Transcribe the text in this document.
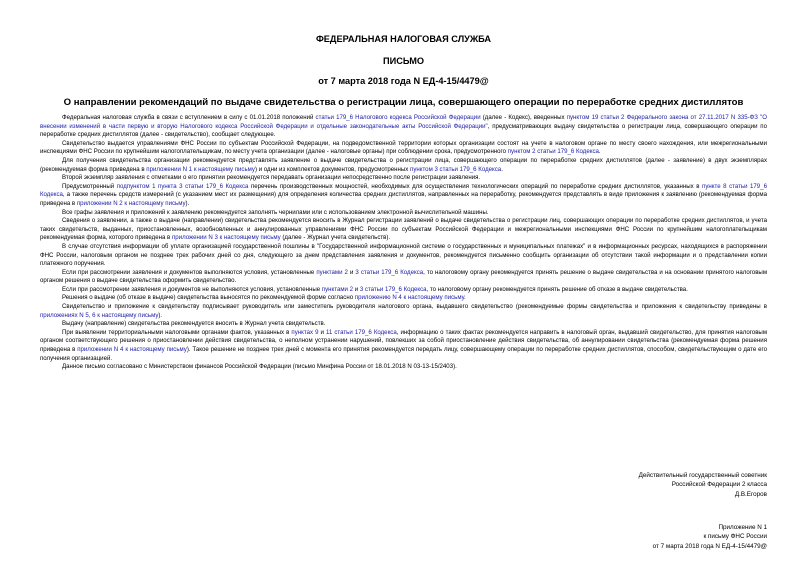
ФЕДЕРАЛЬНАЯ НАЛОГОВАЯ СЛУЖБА
ПИСЬМО
от 7 марта 2018 года N ЕД-4-15/4479@
О направлении рекомендаций по выдаче свидетельства о регистрации лица, совершающего операции по переработке средних дистиллятов

Федеральная налоговая служба в связи с вступлением в силу с 01.01.2018 положений статьи 179_6 Налогового кодекса Российской Федерации (далее - Кодекс), введенных пунктом 19 статьи 2 Федерального закона от 27.11.2017 N 335-ФЗ "О внесении изменений в части первую и вторую Налогового кодекса Российской Федерации и отдельные законодательные акты Российской Федерации", предусматривающих выдачу свидетельства о регистрации лица, совершающего операции по переработке средних дистиллятов (далее - свидетельство), сообщает следующее.

Свидетельство выдается управлениями ФНС России по субъектам Российской Федерации, на подведомственной территории которых организации состоят на учете в налоговом органе по месту своего нахождения, или межрегиональными инспекциями ФНС России по крупнейшим налогоплательщикам, по месту учета организации (далее - налоговые органы) при соблюдении срока, предусмотренного пунктом 2 статьи 179_6 Кодекса.

Для получения свидетельства организации рекомендуется представлять заявление о выдаче свидетельства о регистрации лица, совершающего операции по переработке средних дистиллятов (далее - заявление) в двух экземплярах (рекомендуемая форма приведена в приложении N 1 к настоящему письму) и одни из комплектов документов, предусмотренных пунктом 3 статьи 179_6 Кодекса.

Второй экземпляр заявления с отметками о его принятии рекомендуется передавать организации непосредственно после регистрации заявления.

Предусмотренный подпунктом 1 пункта 3 статьи 179_6 Кодекса перечень производственных мощностей, необходимых для осуществления технологических операций по переработке средних дистиллятов, указанных в пункте 8 статьи 179_6 Кодекса, а также перечень средств измерений (с указанием мест их размещения) для определения количества средних дистиллятов, направленных на переработку, рекомендуется представлять в виде приложения к заявлению (рекомендуемая форма приведена в приложении N 2 к настоящему письму).

Все графы заявления и приложений к заявлению рекомендуется заполнять чернилами или с использованием электронной вычислительной машины.

Сведения о заявлении, а также о выдаче (направлении) свидетельства рекомендуется вносить в Журнал регистрации заявлений о выдаче свидетельства о регистрации лиц, совершающих операции по переработке средних дистиллятов, и учета таких свидетельств, выданных, приостановленных, возобновленных и аннулированных управлениями ФНС России по субъектам Российской Федерации и межрегиональными инспекциями ФНС России по крупнейшим налогоплательщикам рекомендуемая форма, которого приведена в приложении N 3 к настоящему письму (далее - Журнал учета свидетельств).

В случае отсутствия информации об уплате организацией государственной пошлины в "Государственной информационной системе о государственных и муниципальных платежах" и в информационных ресурсах, находящихся в распоряжении ФНС России, налоговым органом не позднее трех рабочих дней со дня, следующего за днем представления заявления и документов, рекомендуется письменно сообщить организации об отсутствии такой информации и о представлении копии платежного поручения.

Если при рассмотрении заявления и документов выполняются условия, установленные пунктами 2 и 3 статьи 179_6 Кодекса, то налоговому органу рекомендуется принять решение о выдаче свидетельства и на основании принятого налоговым органом решения о выдаче свидетельства оформить свидетельство.

Если при рассмотрении заявления и документов не выполняются условия, установленные пунктами 2 и 3 статьи 179_6 Кодекса, то налоговому органу рекомендуется принять решение об отказе в выдаче свидетельства.

Решения о выдаче (об отказе в выдаче) свидетельства выносятся по рекомендуемой форме согласно приложению N 4 к настоящему письму.

Свидетельство и приложение к свидетельству подписывает руководитель или заместитель руководителя налогового органа, выдавшего свидетельство (рекомендуемые формы свидетельства и приложения к свидетельству приведены в приложениях N 5, 6 к настоящему письму).

Выдачу (направление) свидетельства рекомендуется вносить в Журнал учета свидетельств.

При выявлении территориальными налоговыми органами фактов, указанных в пунктах 9 и 11 статьи 179_6 Кодекса, информацию о таких фактах рекомендуется направить в налоговый орган, выдавший свидетельство, для принятия налоговым органом соответствующего решения о приостановлении действия свидетельства, о неполном устранении нарушений, повлекших за собой приостановление действия свидетельства, об аннулировании свидетельства (рекомендуемая форма решения приведена в приложении N 4 к настоящему письму). Такое решение не позднее трех дней с момента его принятия рекомендуется передать лицу, совершающему операции по переработке средних дистиллятов, способом, свидетельствующим о дате его получения организацией.

Данное письмо согласовано с Министерством финансов Российской Федерации (письмо Минфина России от 18.01.2018 N 03-13-15/2403).

Действительный государственный советник
Российской Федерации 2 класса
Д.В.Егоров
Приложение N 1
к письму ФНС России
от 7 марта 2018 года N ЕД-4-15/4479@
